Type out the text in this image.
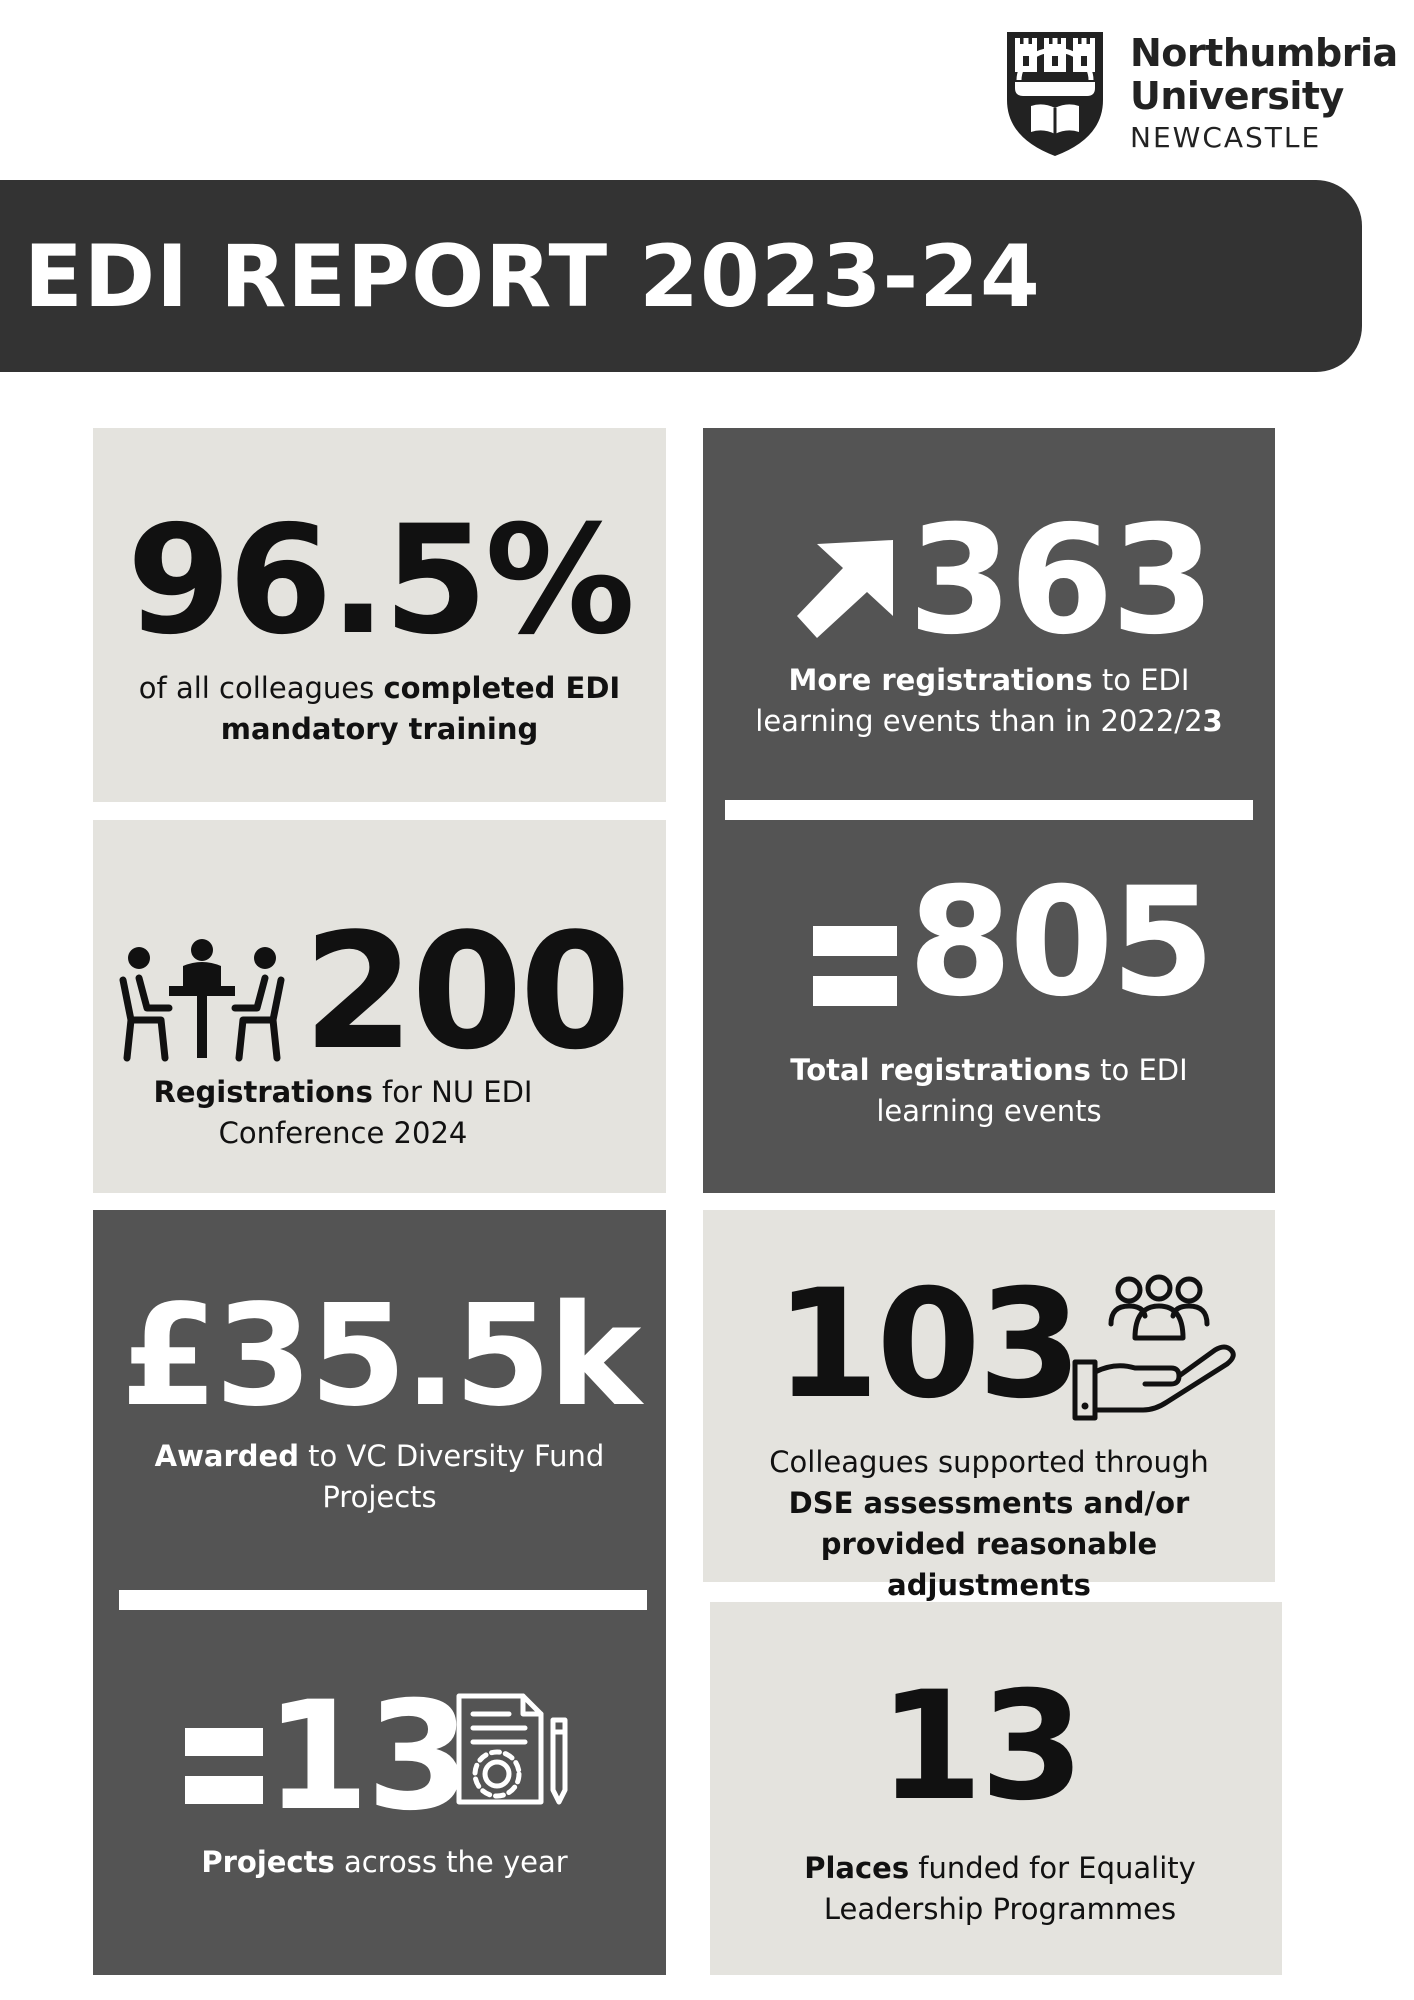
Northumbria
University
NEWCASTLE
EDI REPORT 2023-24
96.5%
of all colleagues completed EDI mandatory training
363
More registrations to EDI learning events than in 2022/23
805
Total registrations to EDI learning events
200
Registrations for NU EDI Conference 2024
£35.5k
Awarded to VC Diversity Fund Projects
13
Projects across the year
103
Colleagues supported through DSE assessments and/or provided reasonable adjustments
13
Places funded for Equality Leadership Programmes
